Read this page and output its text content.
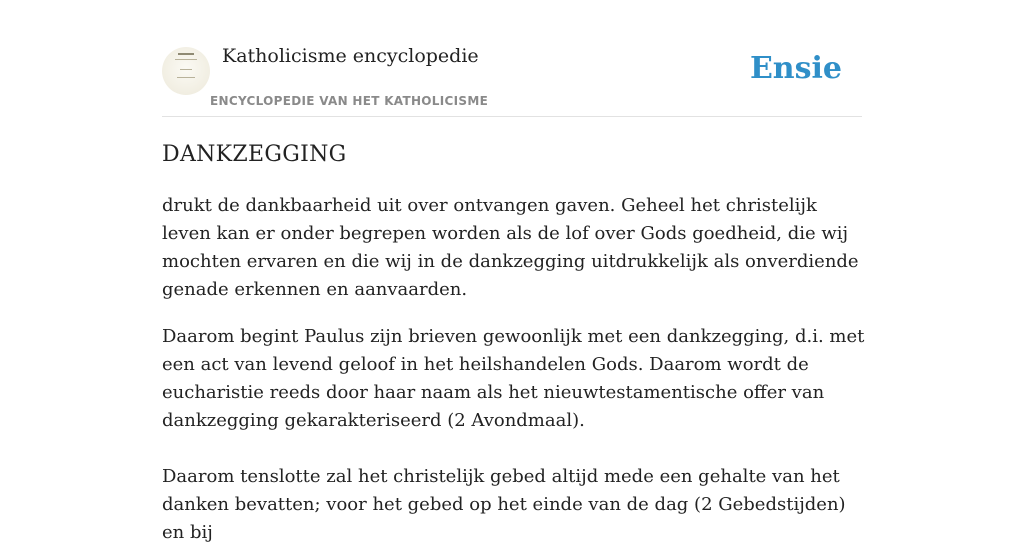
Katholicisme encyclopedie
ENCYCLOPEDIE VAN HET KATHOLICISME
Ensie
DANKZEGGING

drukt de dankbaarheid uit over ontvangen gaven. Geheel het christelijk leven kan er onder begrepen worden als de lof over Gods goedheid, die wij mochten ervaren en die wij in de dankzegging uitdrukkelijk als onverdiende genade erkennen en aanvaarden.

Daarom begint Paulus zijn brieven gewoonlijk met een dankzegging, d.i. met een act van levend geloof in het heilshandelen Gods. Daarom wordt de eucharistie reeds door haar naam als het nieuwtestamentische offer van dankzegging gekarakteriseerd (2 Avondmaal).

Daarom tenslotte zal het christelijk gebed altijd mede een gehalte van het danken bevatten; voor het gebed op het einde van de dag (2 Gebedstijden) en bij
